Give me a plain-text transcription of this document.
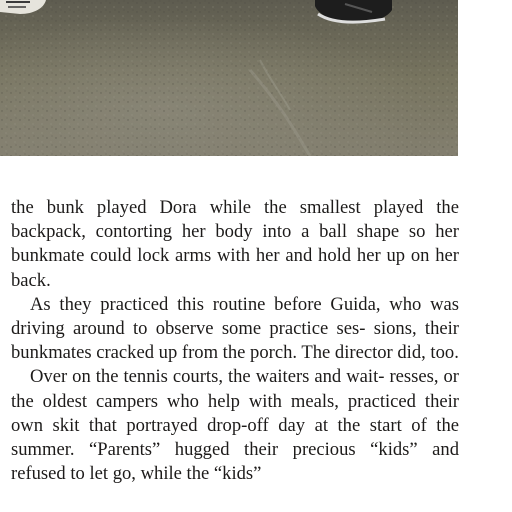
the bunk played Dora while the smallest played the backpack, contorting her body into a ball shape so her bunkmate could lock arms with her and hold her up on her back.

As they practiced this routine before Guida, who was driving around to observe some practice ses- sions, their bunkmates cracked up from the porch. The director did, too.

Over on the tennis courts, the waiters and wait- resses, or the oldest campers who help with meals, practiced their own skit that portrayed drop-off day at the start of the summer. “Parents” hugged their precious “kids” and refused to let go, while the “kids”
